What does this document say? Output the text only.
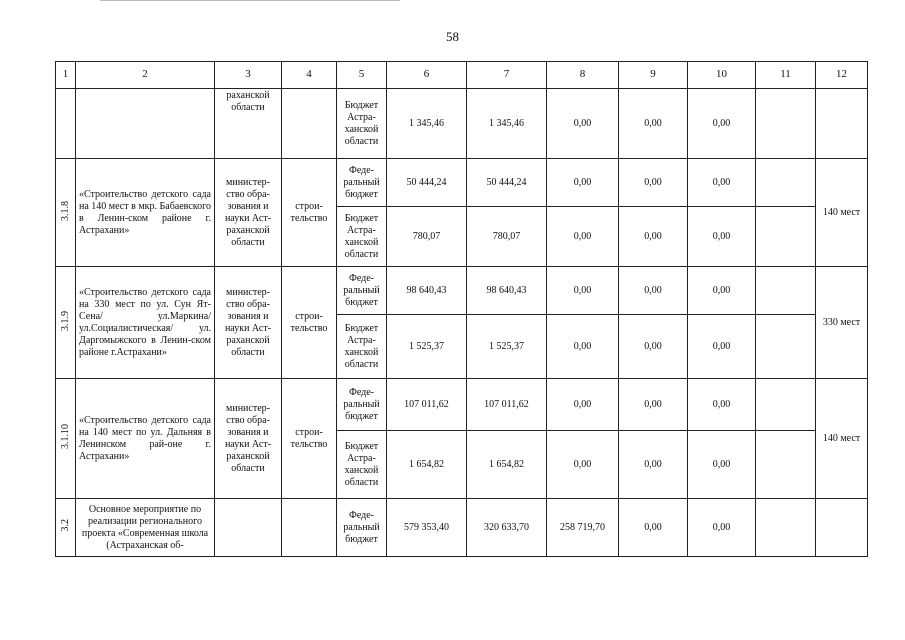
58
1	2	3	4	5	6	7	8	9	10	11	12
		раханской области		Бюджет Астра-ханской области	1 345,46	1 345,46	0,00	0,00	0,00		
3.1.8	«Строительство детского сада на 140 мест в мкр. Бабаевского в Ленин-ском районе г. Астрахани»	министер-ство обра-зования и науки Аст-раханской области	строи-тельство	Феде-ральный бюджет	50 444,24	50 444,24	0,00	0,00	0,00		140 мест
				Бюджет Астра-ханской области	780,07	780,07	0,00	0,00	0,00		
3.1.9	«Строительство детского сада на 330 мест по ул. Сун Ят-Сена/ ул.Маркина/ ул.Социалистическая/ ул. Даргомыжского в Ленин-ском районе г.Астрахани»	министер-ство обра-зования и науки Аст-раханской области	строи-тельство	Феде-ральный бюджет	98 640,43	98 640,43	0,00	0,00	0,00		330 мест
				Бюджет Астра-ханской области	1 525,37	1 525,37	0,00	0,00	0,00		
3.1.10	«Строительство детского сада на 140 мест по ул. Дальняя в Ленинском рай-оне г. Астрахани»	министер-ство обра-зования и науки Аст-раханской области	строи-тельство	Феде-ральный бюджет	107 011,62	107 011,62	0,00	0,00	0,00		140 мест
				Бюджет Астра-ханской области	1 654,82	1 654,82	0,00	0,00	0,00		
3.2	Основное мероприятие по реализации регионального проекта «Современная школа (Астраханская об-			Феде-ральный бюджет	579 353,40	320 633,70	258 719,70	0,00	0,00		
